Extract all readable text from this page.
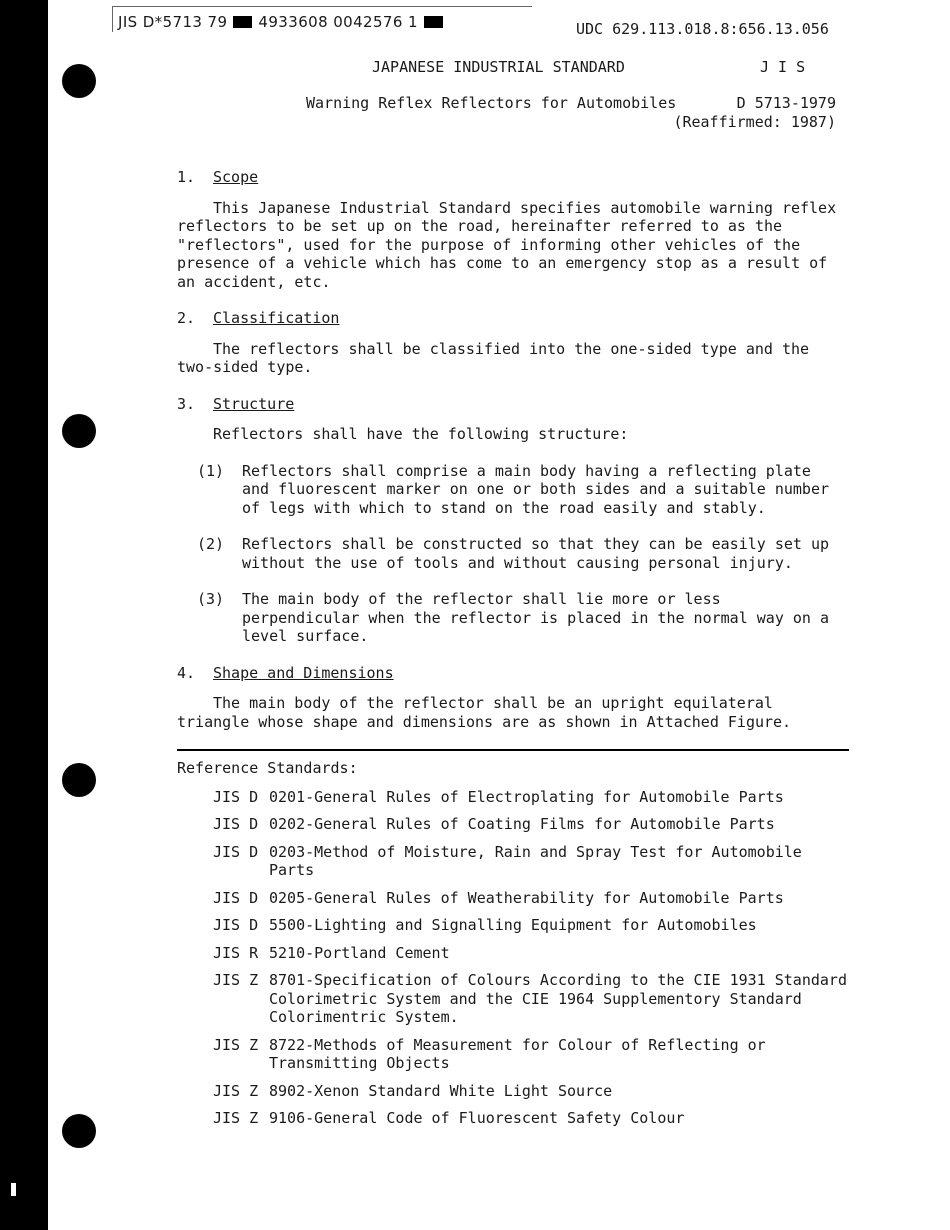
JIS D*5713 79 4933608 0042576 1	UDC 629.113.018.8:656.13.056
JAPANESE INDUSTRIAL STANDARD	J I S
Warning Reflex Reflectors for Automobiles	D 5713-1979
(Reaffirmed: 1987)
1. Scope

This Japanese Industrial Standard specifies automobile warning reflex reflectors to be set up on the road, hereinafter referred to as the "reflectors", used for the purpose of informing other vehicles of the presence of a vehicle which has come to an emergency stop as a result of an accident, etc.

2. Classification

The reflectors shall be classified into the one-sided type and the two-sided type.

3. Structure

Reflectors shall have the following structure:

(1)	Reflectors shall comprise a main body having a reflecting plate and fluorescent marker on one or both sides and a suitable number of legs with which to stand on the road easily and stably.
(2)	Reflectors shall be constructed so that they can be easily set up without the use of tools and without causing personal injury.
(3)	The main body of the reflector shall lie more or less perpendicular when the reflector is placed in the normal way on a level surface.
4. Shape and Dimensions

The main body of the reflector shall be an upright equilateral triangle whose shape and dimensions are as shown in Attached Figure.

Reference Standards:
JIS D 0201-General Rules of Electroplating for Automobile Parts
JIS D 0202-General Rules of Coating Films for Automobile Parts
JIS D 0203-Method of Moisture, Rain and Spray Test for Automobile Parts
JIS D 0205-General Rules of Weatherability for Automobile Parts
JIS D 5500-Lighting and Signalling Equipment for Automobiles
JIS R 5210-Portland Cement
JIS Z 8701-Specification of Colours According to the CIE 1931 Standard Colorimetric System and the CIE 1964 Supplementory Standard Colorimentric System.
JIS Z 8722-Methods of Measurement for Colour of Reflecting or Transmitting Objects
JIS Z 8902-Xenon Standard White Light Source
JIS Z 9106-General Code of Fluorescent Safety Colour
